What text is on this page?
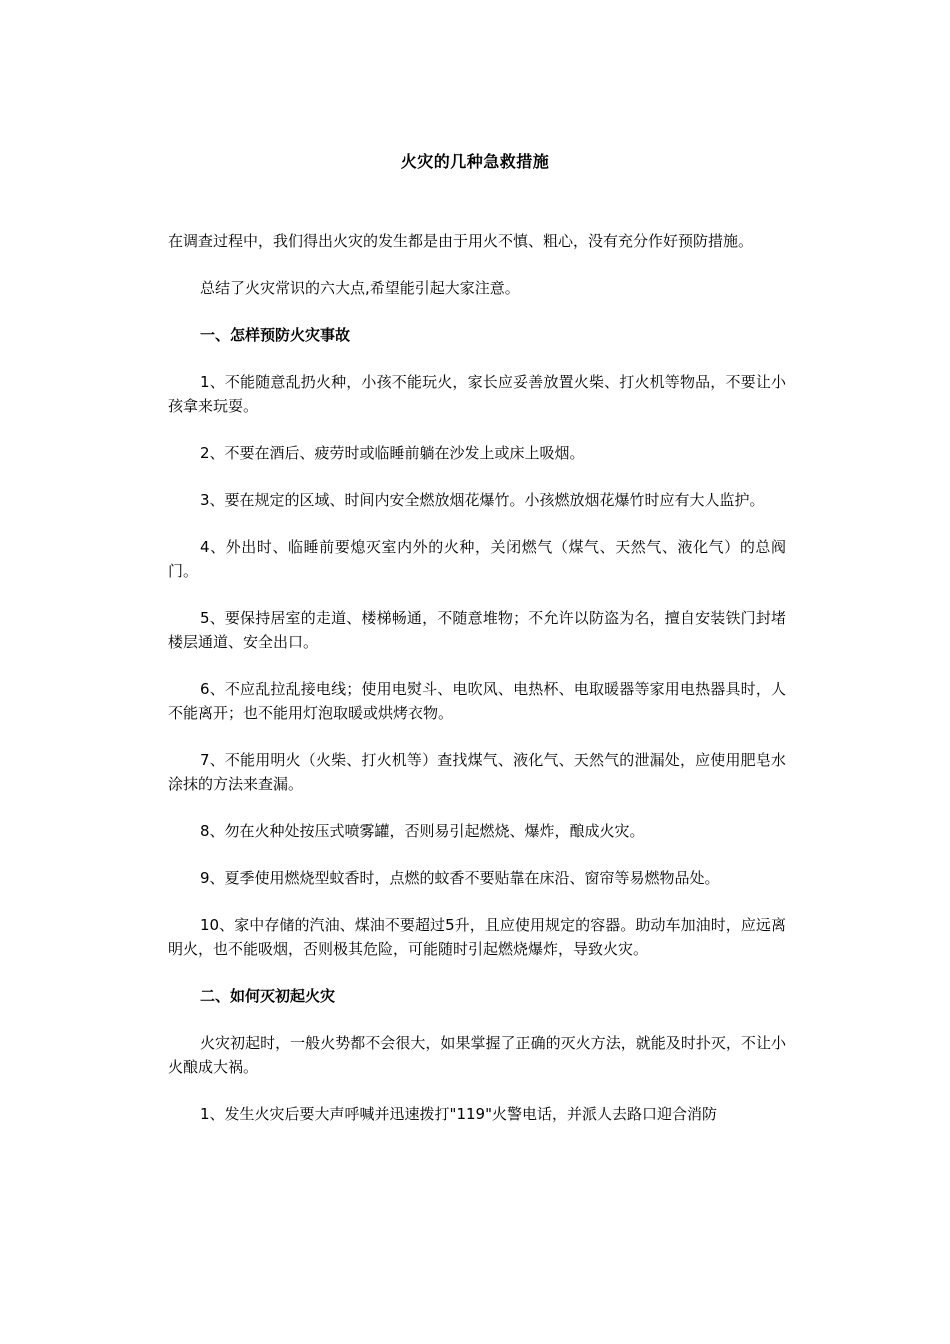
火灾的几种急救措施

在调查过程中，我们得出火灾的发生都是由于用火不慎、粗心，没有充分作好预防措施。

总结了火灾常识的六大点,希望能引起大家注意。

一、怎样预防火灾事故

1、不能随意乱扔火种，小孩不能玩火，家长应妥善放置火柴、打火机等物品，不要让小孩拿来玩耍。

2、不要在酒后、疲劳时或临睡前躺在沙发上或床上吸烟。

3、要在规定的区域、时间内安全燃放烟花爆竹。小孩燃放烟花爆竹时应有大人监护。

4、外出时、临睡前要熄灭室内外的火种，关闭燃气（煤气、天然气、液化气）的总阀门。

5、要保持居室的走道、楼梯畅通，不随意堆物；不允许以防盗为名，擅自安装铁门封堵楼层通道、安全出口。

6、不应乱拉乱接电线；使用电熨斗、电吹风、电热杯、电取暖器等家用电热器具时，人不能离开；也不能用灯泡取暖或烘烤衣物。

7、不能用明火（火柴、打火机等）查找煤气、液化气、天然气的泄漏处，应使用肥皂水涂抹的方法来查漏。

8、勿在火种处按压式喷雾罐，否则易引起燃烧、爆炸，酿成火灾。

9、夏季使用燃烧型蚊香时，点燃的蚊香不要贴靠在床沿、窗帘等易燃物品处。

10、家中存储的汽油、煤油不要超过5升，且应使用规定的容器。助动车加油时，应远离明火，也不能吸烟，否则极其危险，可能随时引起燃烧爆炸，导致火灾。

二、如何灭初起火灾

火灾初起时，一般火势都不会很大，如果掌握了正确的灭火方法，就能及时扑灭，不让小火酿成大祸。

1、发生火灾后要大声呼喊并迅速拨打"119"火警电话，并派人去路口迎合消防
